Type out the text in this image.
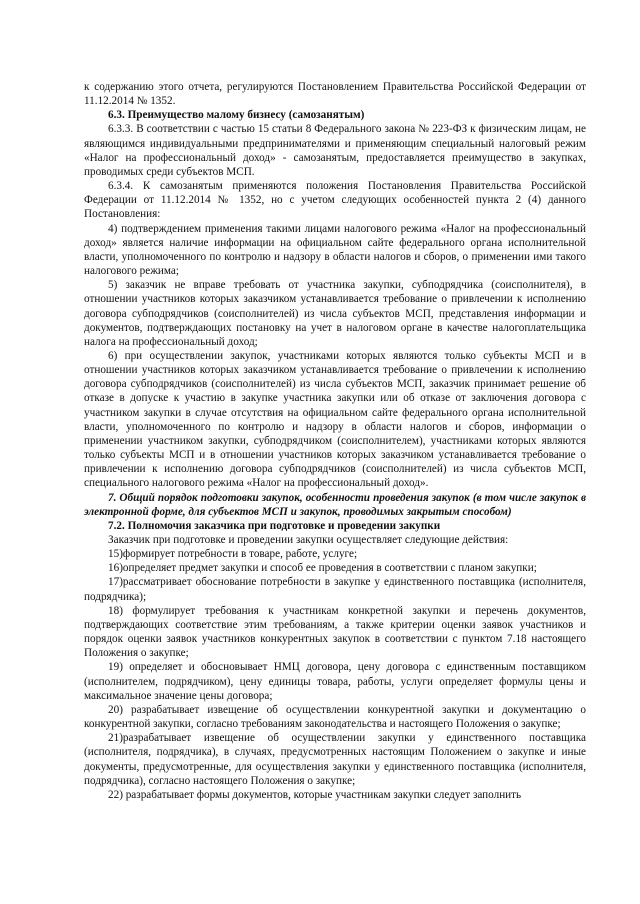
к содержанию этого отчета, регулируются Постановлением Правительства Российской Федерации от 11.12.2014 № 1352.

6.3. Преимущество малому бизнесу (самозанятым)

6.3.3. В соответствии с частью 15 статьи 8 Федерального закона № 223-ФЗ к физическим лицам, не являющимся индивидуальными предпринимателями и применяющим специальный налоговый режим «Налог на профессиональный доход» - самозанятым, предоставляется преимущество в закупках, проводимых среди субъектов МСП.

6.3.4. К самозанятым применяются положения Постановления Правительства Российской Федерации от 11.12.2014 № 1352, но с учетом следующих особенностей пункта 2 (4) данного Постановления:

4) подтверждением применения такими лицами налогового режима «Налог на профессиональный доход» является наличие информации на официальном сайте федерального органа исполнительной власти, уполномоченного по контролю и надзору в области налогов и сборов, о применении ими такого налогового режима;

5) заказчик не вправе требовать от участника закупки, субподрядчика (соисполнителя), в отношении участников которых заказчиком устанавливается требование о привлечении к исполнению договора субподрядчиков (соисполнителей) из числа субъектов МСП, представления информации и документов, подтверждающих постановку на учет в налоговом органе в качестве налогоплательщика налога на профессиональный доход;

6) при осуществлении закупок, участниками которых являются только субъекты МСП и в отношении участников которых заказчиком устанавливается требование о привлечении к исполнению договора субподрядчиков (соисполнителей) из числа субъектов МСП, заказчик принимает решение об отказе в допуске к участию в закупке участника закупки или об отказе от заключения договора с участником закупки в случае отсутствия на официальном сайте федерального органа исполнительной власти, уполномоченного по контролю и надзору в области налогов и сборов, информации о применении участником закупки, субподрядчиком (соисполнителем), участниками которых являются только субъекты МСП и в отношении участников которых заказчиком устанавливается требование о привлечении к исполнению договора субподрядчиков (соисполнителей) из числа субъектов МСП, специального налогового режима «Налог на профессиональный доход».

7. Общий порядок подготовки закупок, особенности проведения закупок (в том числе закупок в электронной форме, для субъектов МСП и закупок, проводимых закрытым способом)

7.2. Полномочия заказчика при подготовке и проведении закупки

Заказчик при подготовке и проведении закупки осуществляет следующие действия:

15)формирует потребности в товаре, работе, услуге;

16)определяет предмет закупки и способ ее проведения в соответствии с планом закупки;

17)рассматривает обоснование потребности в закупке у единственного поставщика (исполнителя, подрядчика);

18) формулирует требования к участникам конкретной закупки и перечень документов, подтверждающих соответствие этим требованиям, а также критерии оценки заявок участников и порядок оценки заявок участников конкурентных закупок в соответствии с пунктом 7.18 настоящего Положения о закупке;

19) определяет и обосновывает НМЦ договора, цену договора с единственным поставщиком (исполнителем, подрядчиком), цену единицы товара, работы, услуги определяет формулы цены и максимальное значение цены договора;

20) разрабатывает извещение об осуществлении конкурентной закупки и документацию о конкурентной закупки, согласно требованиям законодательства и настоящего Положения о закупке;

21)разрабатывает извещение об осуществлении закупки у единственного поставщика (исполнителя, подрядчика), в случаях, предусмотренных настоящим Положением о закупке и иные документы, предусмотренные, для осуществления закупки у единственного поставщика (исполнителя, подрядчика), согласно настоящего Положения о закупке;

22) разрабатывает формы документов, которые участникам закупки следует заполнить
